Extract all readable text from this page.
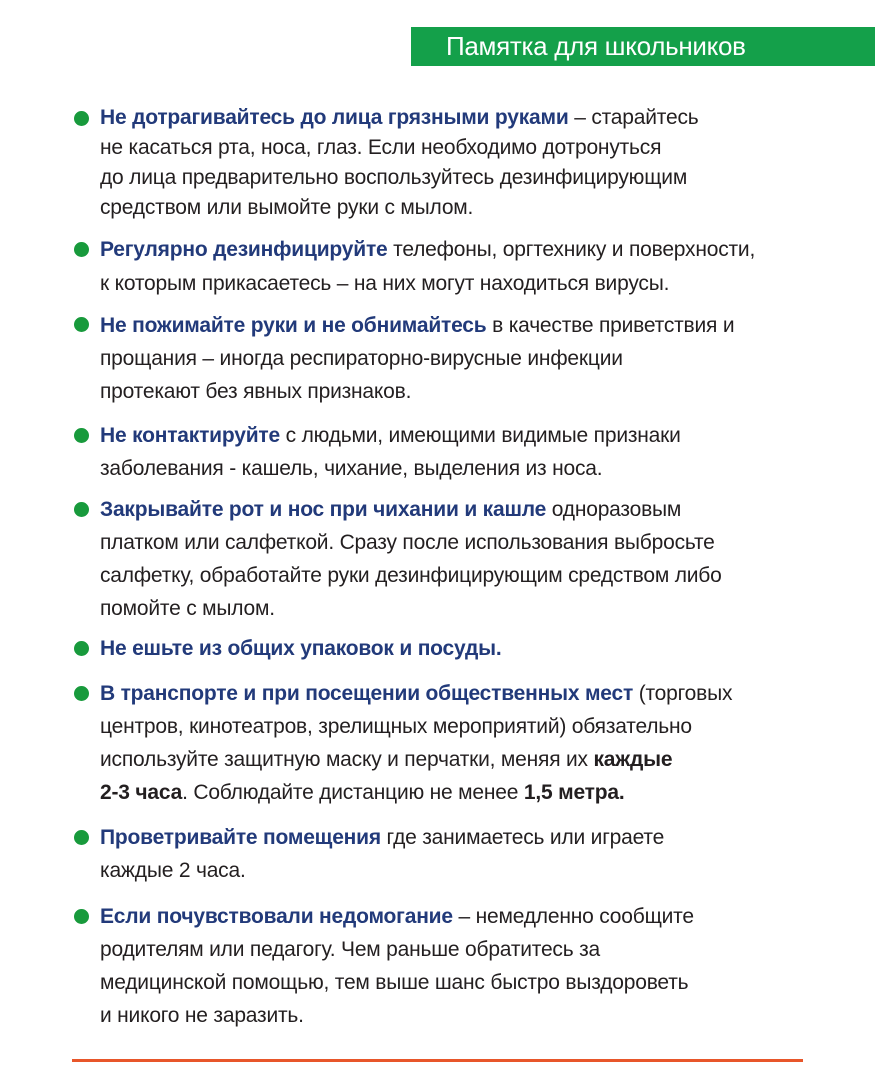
Памятка для школьников
Не дотрагивайтесь до лица грязными руками – старайтесь
не касаться рта, носа, глаз. Если необходимо дотронуться
до лица предварительно воспользуйтесь дезинфицирующим
средством или вымойте руки с мылом.
Регулярно дезинфицируйте телефоны, оргтехнику и поверхности,
к которым прикасаетесь – на них могут находиться вирусы.
Не пожимайте руки и не обнимайтесь в качестве приветствия и
прощания – иногда респираторно-вирусные инфекции
протекают без явных признаков.
Не контактируйте с людьми, имеющими видимые признаки
заболевания - кашель, чихание, выделения из носа.
Закрывайте рот и нос при чихании и кашле одноразовым
платком или салфеткой. Сразу после использования выбросьте
салфетку, обработайте руки дезинфицирующим средством либо
помойте с мылом.
Не ешьте из общих упаковок и посуды.
В транспорте и при посещении общественных мест (торговых
центров, кинотеатров, зрелищных мероприятий) обязательно
используйте защитную маску и перчатки, меняя их каждые
2-3 часа. Соблюдайте дистанцию не менее 1,5 метра.
Проветривайте помещения где занимаетесь или играете
каждые 2 часа.
Если почувствовали недомогание – немедленно сообщите
родителям или педагогу. Чем раньше обратитесь за
медицинской помощью, тем выше шанс быстро выздороветь
и никого не заразить.
